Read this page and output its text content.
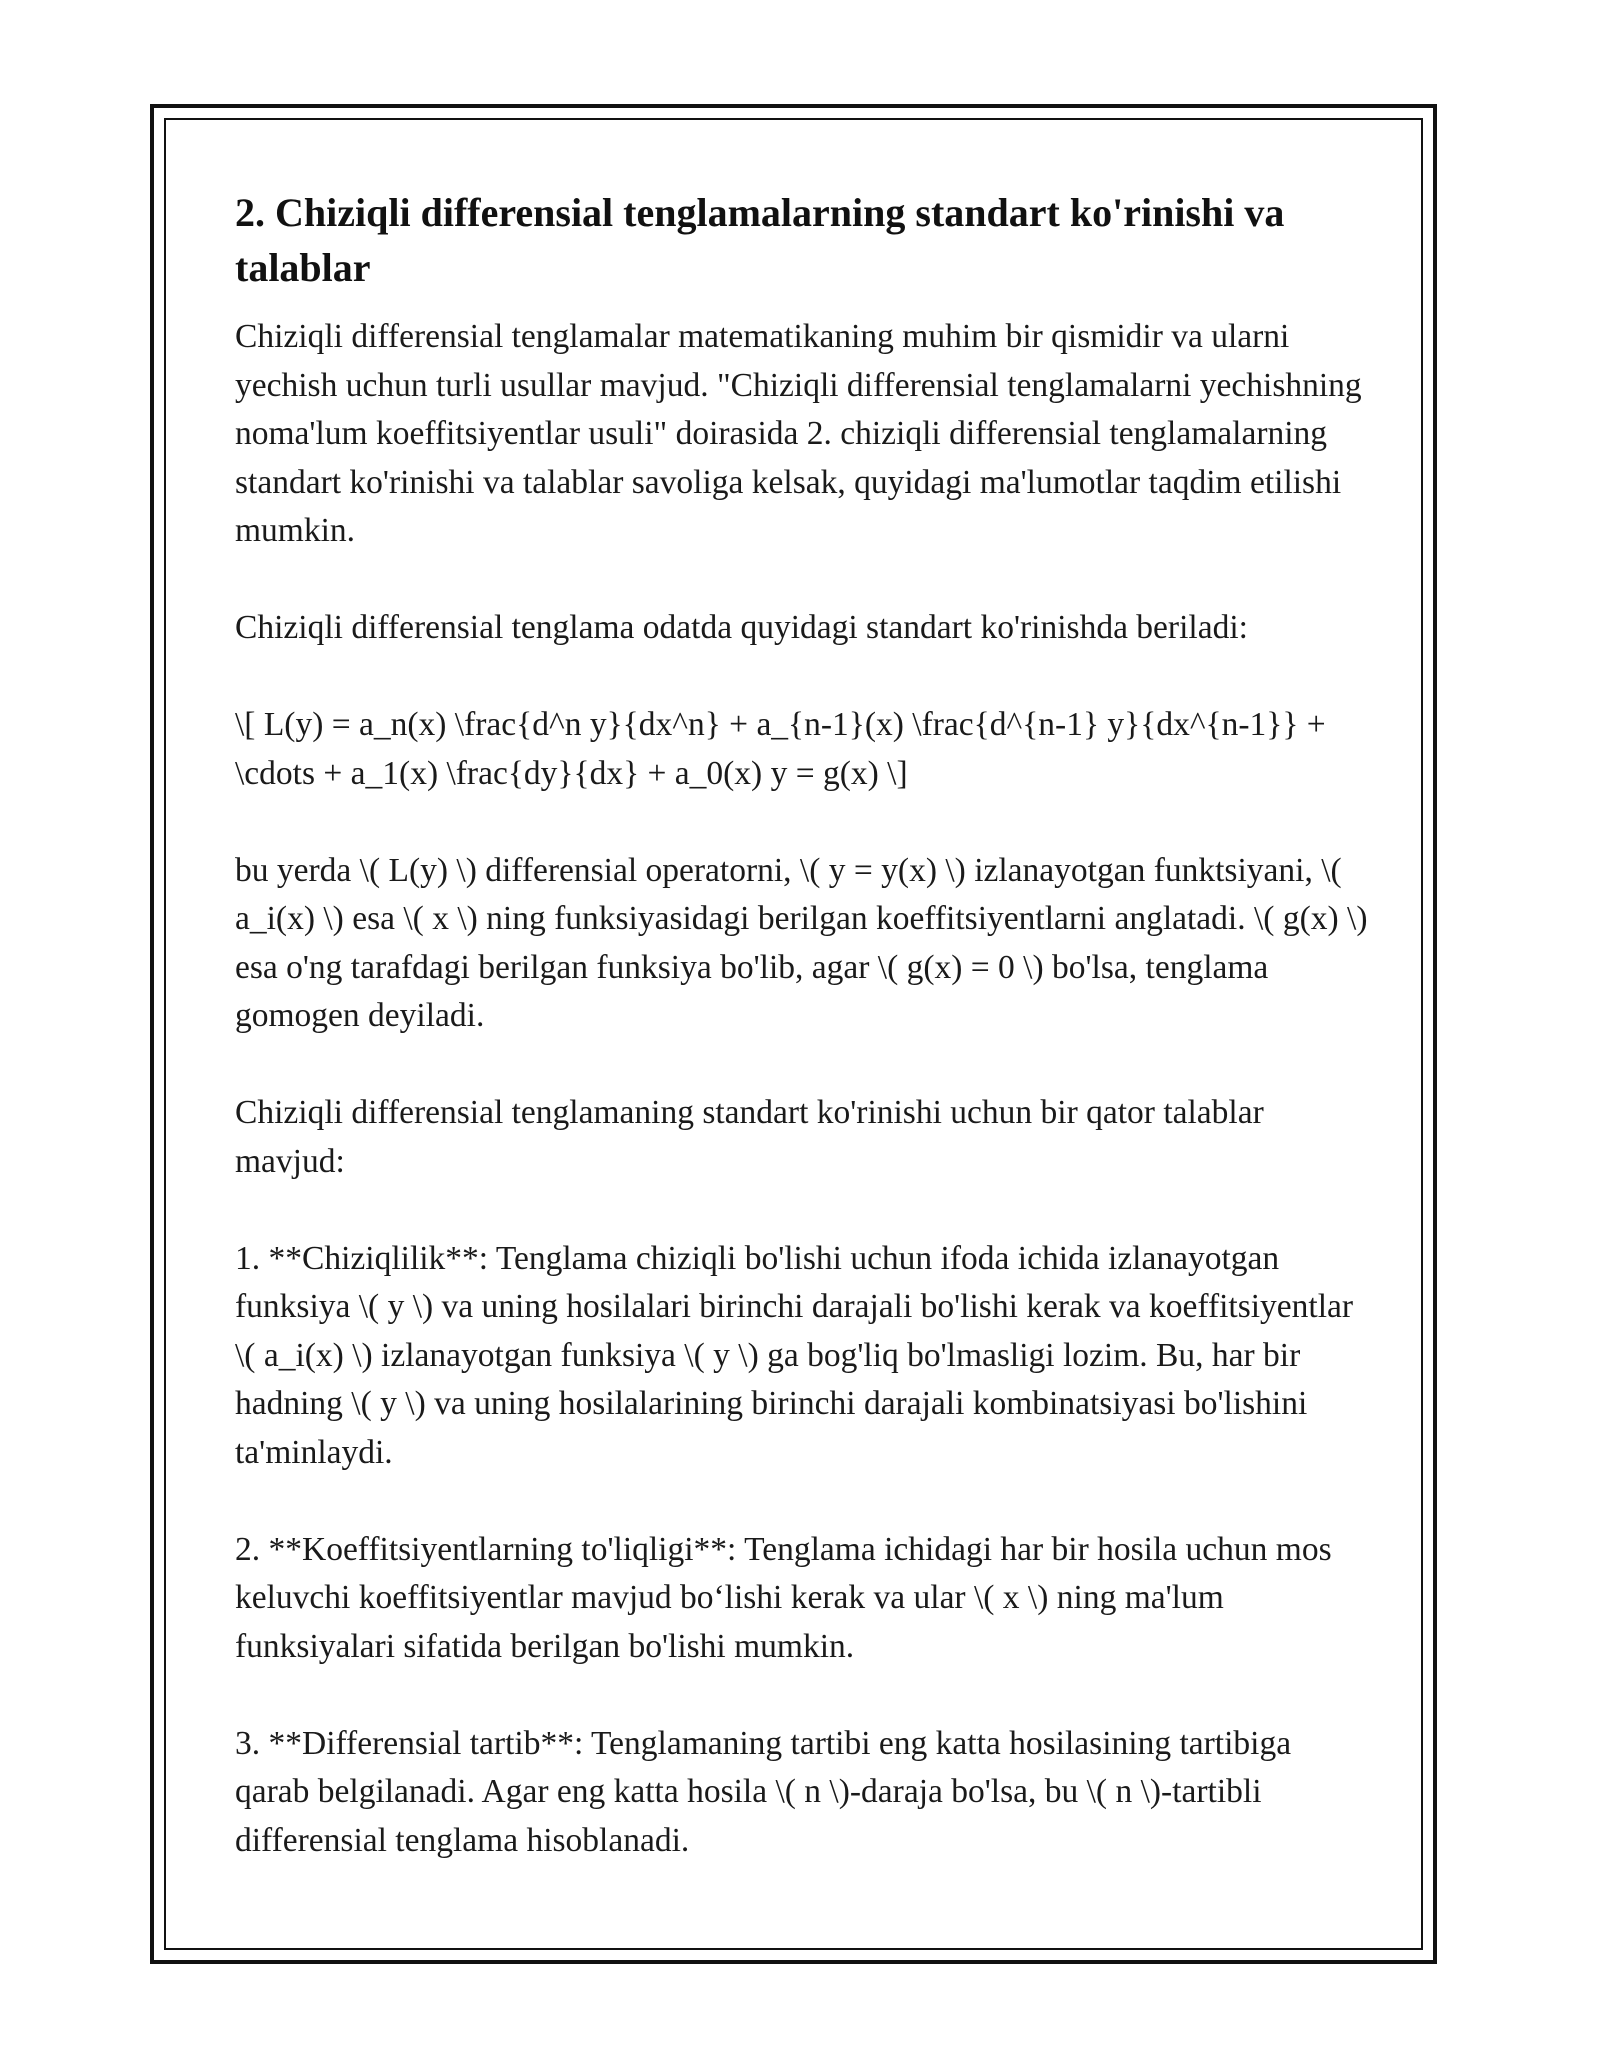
2. Chiziqli differensial tenglamalarning standart ko'rinishi va talablar

Chiziqli differensial tenglamalar matematikaning muhim bir qismidir va ularni yechish uchun turli usullar mavjud. "Chiziqli differensial tenglamalarni yechishning noma'lum koeffitsiyentlar usuli" doirasida 2. chiziqli differensial tenglamalarning standart ko'rinishi va talablar savoliga kelsak, quyidagi ma'lumotlar taqdim etilishi mumkin.

Chiziqli differensial tenglama odatda quyidagi standart ko'rinishda beriladi:

\[ L(y) = a_n(x) \frac{d^n y}{dx^n} + a_{n-1}(x) \frac{d^{n-1} y}{dx^{n-1}} + \cdots + a_1(x) \frac{dy}{dx} + a_0(x) y = g(x) \]

bu yerda \( L(y) \) differensial operatorni, \( y = y(x) \) izlanayotgan funktsiyani, \( a_i(x) \) esa \( x \) ning funksiyasidagi berilgan koeffitsiyentlarni anglatadi. \( g(x) \) esa o'ng tarafdagi berilgan funksiya bo'lib, agar \( g(x) = 0 \) bo'lsa, tenglama gomogen deyiladi.

Chiziqli differensial tenglamaning standart ko'rinishi uchun bir qator talablar mavjud:

1. **Chiziqlilik**: Tenglama chiziqli bo'lishi uchun ifoda ichida izlanayotgan funksiya \( y \) va uning hosilalari birinchi darajali bo'lishi kerak va koeffitsiyentlar \( a_i(x) \) izlanayotgan funksiya \( y \) ga bog'liq bo'lmasligi lozim. Bu, har bir hadning \( y \) va uning hosilalarining birinchi darajali kombinatsiyasi bo'lishini ta'minlaydi.

2. **Koeffitsiyentlarning to'liqligi**: Tenglama ichidagi har bir hosila uchun mos keluvchi koeffitsiyentlar mavjud bo‘lishi kerak va ular \( x \) ning ma'lum funksiyalari sifatida berilgan bo'lishi mumkin.

3. **Differensial tartib**: Tenglamaning tartibi eng katta hosilasining tartibiga qarab belgilanadi. Agar eng katta hosila \( n \)-daraja bo'lsa, bu \( n \)-tartibli differensial tenglama hisoblanadi.
